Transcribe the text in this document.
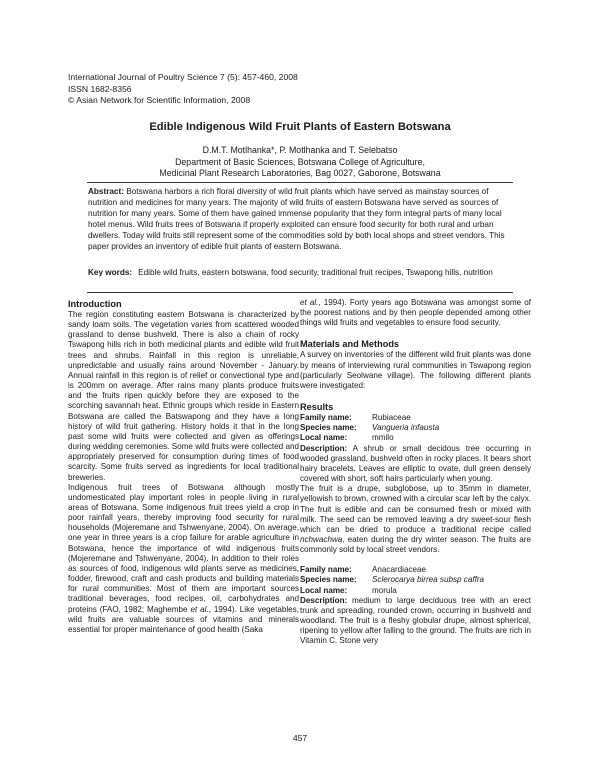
International Journal of Poultry Science 7 (5): 457-460, 2008
ISSN 1682-8356
© Asian Network for Scientific Information, 2008
Edible Indigenous Wild Fruit Plants of Eastern Botswana
D.M.T. Motlhanka*, P. Motlhanka and T. Selebatso
Department of Basic Sciences, Botswana College of Agriculture,
Medicinal Plant Research Laboratories, Bag 0027, Gaborone, Botswana
Abstract: Botswana harbors a rich floral diversity of wild fruit plants which have served as mainstay sources of nutrition and medicines for many years. The majority of wild fruits of eastern Botswana have served as sources of nutrition for many years. Some of them have gained immense popularity that they form integral parts of many local hotel menus. Wild fruits trees of Botswana if properly exploited can ensure food security for both rural and urban dwellers. Today wild fruits still represent some of the commodities sold by both local shops and street vendors. This paper provides an inventory of edible fruit plants of eastern Botswana.
Key words: Edible wild fruits, eastern botswana, food security, traditional fruit recipes, Tswapong hills, nutrition
Introduction

The region constituting eastern Botswana is characterized by sandy loam soils. The vegetation varies from scattered wooded grassland to dense bushveld. There is also a chain of rocky Tswapong hills rich in both medicinal plants and edible wild fruit trees and shrubs. Rainfall in this region is unreliable, unpredictable and usually rains around November - January. Annual rainfall in this region is of relief or convectional type and is 200mm on average. After rains many plants produce fruits and the fruits ripen quickly before they are exposed to the scorching savannah heat. Ethnic groups which reside in Eastern Botswana are called the Batswapong and they have a long history of wild fruit gathering. History holds it that in the long past some wild fruits were collected and given as offerings during wedding ceremonies. Some wild fruits were collected and appropriately preserved for consumption during times of food scarcity. Some fruits served as ingredients for local traditional breweries.

Indigenous fruit trees of Botswana although mostly undomesticated play important roles in people living in rural areas of Botswana. Some indigenous fruit trees yield a crop in poor rainfall years, thereby improving food security for rural households (Mojeremane and Tshwenyane, 2004). On average, one year in three years is a crop failure for arable agriculture in Botswana, hence the importance of wild indigenous fruits (Mojeremane and Tshwenyane, 2004). In addition to their roles as sources of food, indigenous wild plants serve as medicines, fodder, firewood, craft and cash products and building materials for rural communities. Most of them are important sources traditional beverages, food recipes, oil, carbohydrates and proteins (FAO, 1982; Maghembe et al., 1994). Like vegetables, wild fruits are valuable sources of vitamins and minerals essential for proper maintenance of good health (Saka

et al., 1994). Forty years ago Botswana was amongst some of the poorest nations and by then people depended among other things wild fruits and vegetables to ensure food security.

Materials and Methods

A survey on inventories of the different wild fruit plants was done by means of interviewing rural communities in Tswapong region (particularly Seolwane village). The following different plants were investigated:

Results
Family name:	Rubiaceae
Species name:	Vangueria infausta
Local name:	mmilo

Description: A shrub or small decidous tree occurring in wooded grassland, bushveld often in rocky places. It bears short hairy bracelets. Leaves are elliptic to ovate, dull green densely covered with short, soft hairs particularly when young.

The fruit is a drupe, subglobose, up to 35mm in diameter, yellowish to brown, crowned with a circular scar left by the calyx. The fruit is edible and can be consumed fresh or mixed with milk. The seed can be removed leaving a dry sweet-sour flesh which can be dried to produce a traditional recipe called nchwachwa, eaten during the dry winter season. The fruits are commonly sold by local street vendors.

Family name:	Anacardiaceae
Species name:	Sclerocarya birrea subsp caffra
Local name:	morula

Description: medium to large deciduous tree with an erect trunk and spreading, rounded crown, occurring in bushveld and woodland. The fruit is a fleshy globular drupe, almost spherical, ripening to yellow after falling to the ground. The fruits are rich in Vitamin C. Stone very

457
